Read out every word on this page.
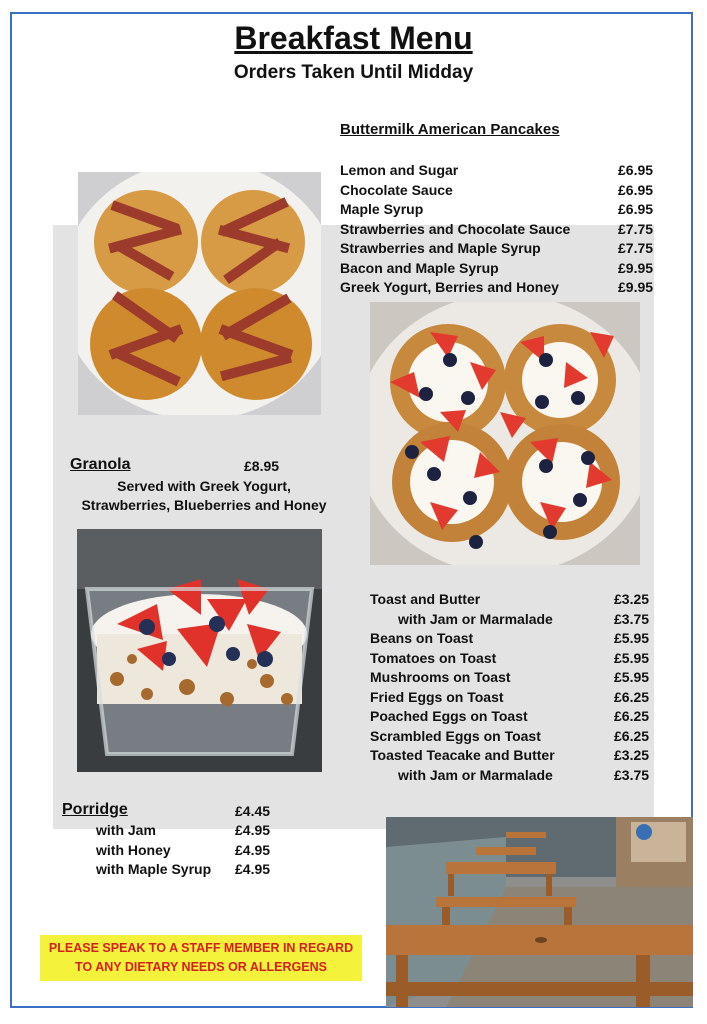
Breakfast Menu
Orders Taken Until Midday
Buttermilk American Pancakes
Lemon and Sugar	£6.95
Chocolate Sauce	£6.95
Maple Syrup	£6.95
Strawberries and Chocolate Sauce	£7.75
Strawberries and Maple Syrup	£7.75
Bacon and Maple Syrup	£9.95
Greek Yogurt, Berries and Honey	£9.95
Granola	£8.95
Served with Greek Yogurt,
Strawberries, Blueberries and Honey
Toast and Butter	£3.25
with Jam or Marmalade	£3.75
Beans on Toast	£5.95
Tomatoes on Toast	£5.95
Mushrooms on Toast	£5.95
Fried Eggs on Toast	£6.25
Poached Eggs on Toast	£6.25
Scrambled Eggs on Toast	£6.25
Toasted Teacake and Butter	£3.25
with Jam or Marmalade	£3.75
Porridge	£4.45
with Jam	£4.95
with Honey	£4.95
with Maple Syrup £4.95
PLEASE SPEAK TO A STAFF MEMBER IN REGARD
TO ANY DIETARY NEEDS OR ALLERGENS
